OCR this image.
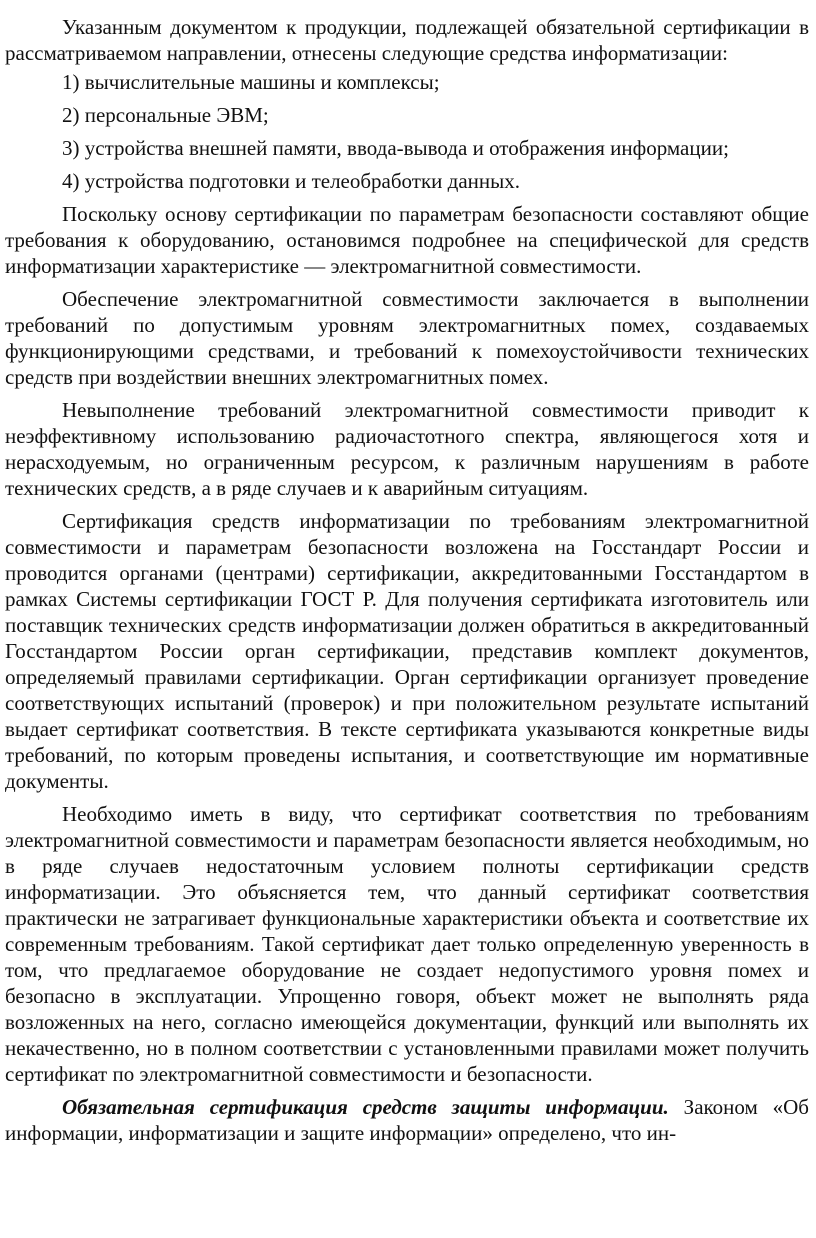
Указанным документом к продукции, подлежащей обязательной сертификации в рассматриваемом направлении, отнесены следующие средства информатизации:

1) вычислительные машины и комплексы;
2) персональные ЭВМ;
3) устройства внешней памяти, ввода-вывода и отображения информации;
4) устройства подготовки и телеобработки данных.

Поскольку основу сертификации по параметрам безопасности составляют общие требования к оборудованию, остановимся подробнее на специфической для средств информатизации характеристике — электромагнитной совместимости.

Обеспечение электромагнитной совместимости заключается в выполнении требований по допустимым уровням электромагнитных помех, создаваемых функционирующими средствами, и требований к помехоустойчивости технических средств при воздействии внешних электромагнитных помех.

Невыполнение требований электромагнитной совместимости приводит к неэффективному использованию радиочастотного спектра, являющегося хотя и нерасходуемым, но ограниченным ресурсом, к различным нарушениям в работе технических средств, а в ряде случаев и к аварийным ситуациям.

Сертификация средств информатизации по требованиям электромагнитной совместимости и параметрам безопасности возложена на Госстандарт России и проводится органами (центрами) сертификации, аккредитованными Госстандартом в рамках Системы сертификации ГОСТ Р. Для получения сертификата изготовитель или поставщик технических средств информатизации должен обратиться в аккредитованный Госстандартом России орган сертификации, представив комплект документов, определяемый правилами сертификации. Орган сертификации организует проведение соответствующих испытаний (проверок) и при положительном результате испытаний выдает сертификат соответствия. В тексте сертификата указываются конкретные виды требований, по которым проведены испытания, и соответствующие им нормативные документы.

Необходимо иметь в виду, что сертификат соответствия по требованиям электромагнитной совместимости и параметрам безопасности является необходимым, но в ряде случаев недостаточным условием полноты сертификации средств информатизации. Это объясняется тем, что данный сертификат соответствия практически не затрагивает функциональные характеристики объекта и соответствие их современным требованиям. Такой сертификат дает только определенную уверенность в том, что предлагаемое оборудование не создает недопустимого уровня помех и безопасно в эксплуатации. Упрощенно говоря, объект может не выполнять ряда возложенных на него, согласно имеющейся документации, функций или выполнять их некачественно, но в полном соответствии с установленными правилами может получить сертификат по электромагнитной совместимости и безопасности.

Обязательная сертификация средств защиты информации. Законом «Об информации, информатизации и защите информации» определено, что ин-
